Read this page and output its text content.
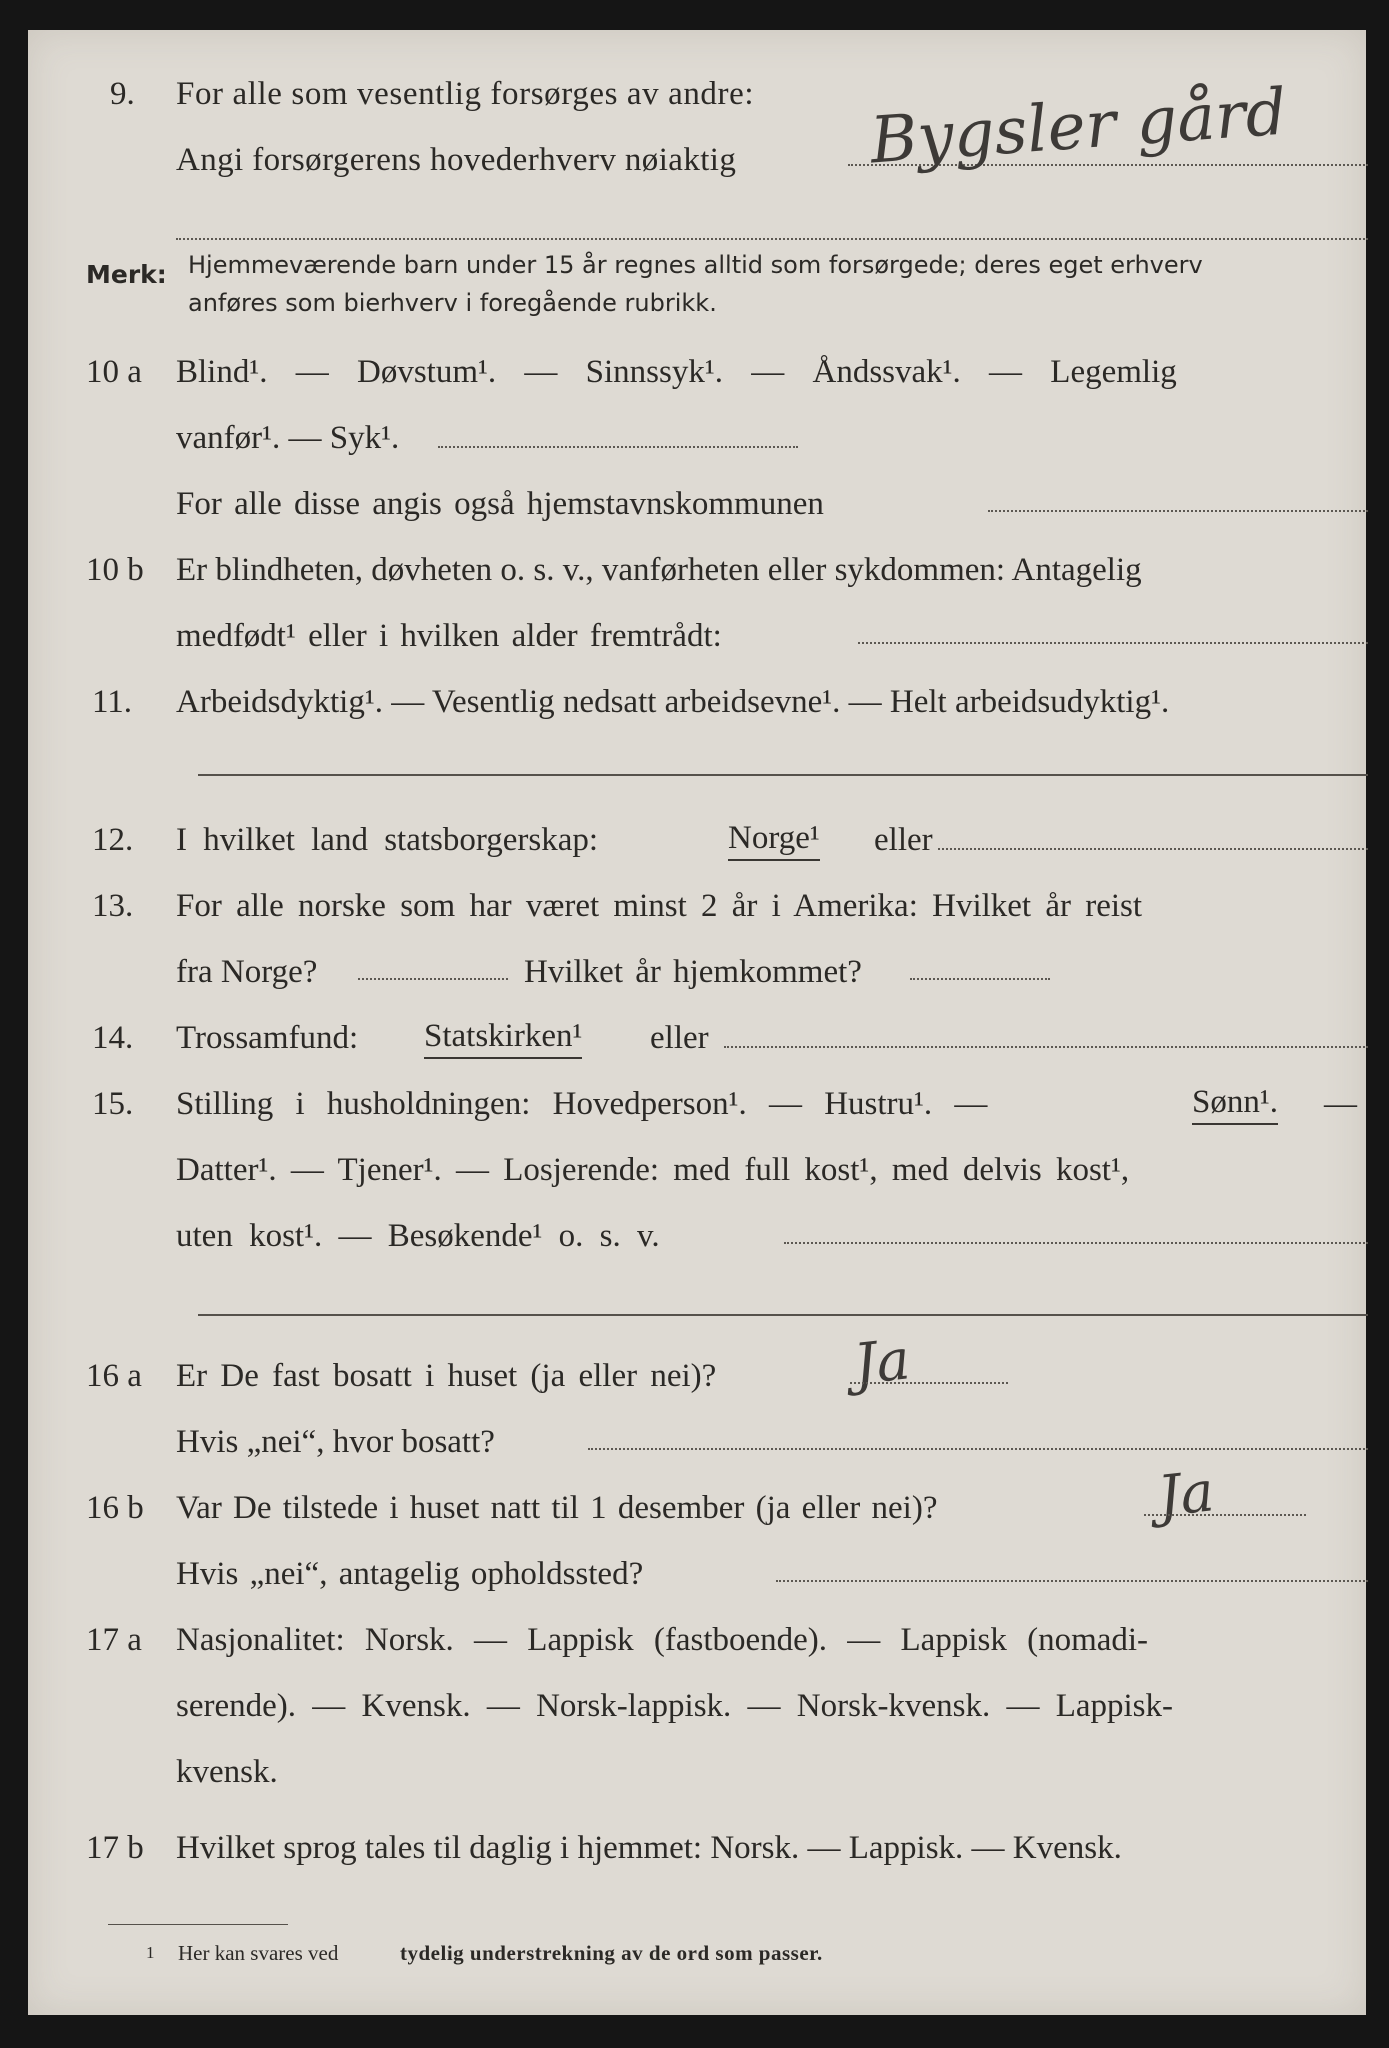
9. For alle som vesentlig forsørges av andre:
Angi forsørgerens hovederhverv nøiaktig Bygsler gård
Merk: Hjemmeværende barn under 15 år regnes alltid som forsørgede; deres eget erhverv
anføres som bierhverv i foregående rubrikk.
10 a Blind¹. — Døvstum¹. — Sinnssyk¹. — Åndssvak¹. — Legemlig
vanfør¹. — Syk¹.
For alle disse angis også hjemstavnskommunen
10 b Er blindheten, døvheten o. s. v., vanførheten eller sykdommen: Antagelig
medfødt¹ eller i hvilken alder fremtrådt:
11. Arbeidsdyktig¹. — Vesentlig nedsatt arbeidsevne¹. — Helt arbeidsudyktig¹.
12. I hvilket land statsborgerskap:	Norge¹ eller
13. For alle norske som har været minst 2 år i Amerika: Hvilket år reist
fra Norge?	Hvilket år hjemkommet?
14. Trossamfund: Statskirken¹ eller
15. Stilling i husholdningen: Hovedperson¹. — Hustru¹. —	Sønn¹. —
Datter¹. — Tjener¹. — Losjerende: med full kost¹, med delvis kost¹,
uten kost¹. — Besøkende¹ o. s. v.
16 a Er De fast bosatt i huset (ja eller nei)? Ja
Hvis „nei“, hvor bosatt?
16 b Var De tilstede i huset natt til 1 desember (ja eller nei)?	Ja
Hvis „nei“, antagelig opholdssted?
17 a Nasjonalitet: Norsk. — Lappisk (fastboende). — Lappisk (nomadi-
serende). — Kvensk. — Norsk-lappisk. — Norsk-kvensk. — Lappisk-
kvensk.
17 b Hvilket sprog tales til daglig i hjemmet: Norsk. — Lappisk. — Kvensk.
1 Her kan svares ved	tydelig understrekning av de ord som passer.
